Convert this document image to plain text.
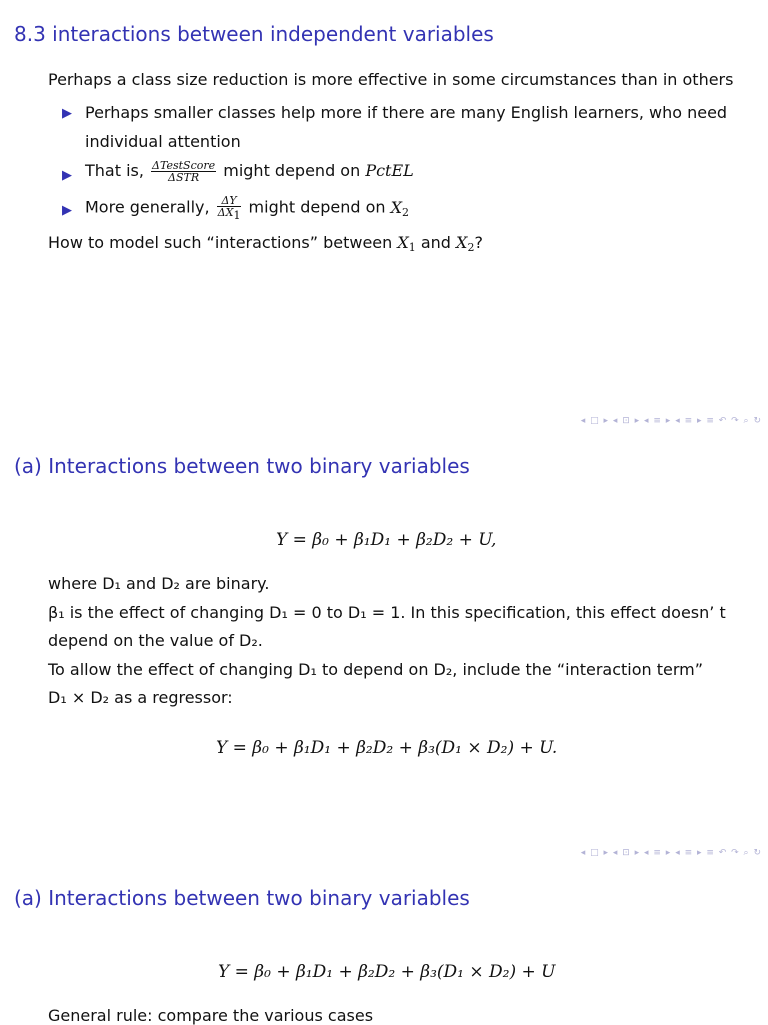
8.3 interactions between independent variables
Perhaps a class size reduction is more effective in some circumstances than in others
▶ Perhaps smaller classes help more if there are many English learners, who need
individual attention
▶ That is, $\frac{\text{ΔTestScore}}{\text{ΔSTR}}$ might depend on PctEL
▶ More generally, $\frac{\Delta Y}{\Delta X_1}$ might depend on $X_2$
How to model such “interactions” between $X_1$ and $X_2$?
◂ □ ▸ ◂ ⊡ ▸ ◂ ≡ ▸ ◂ ≡ ▸ ≡ ↶ ↷ ⌕ ↻
(a) Interactions between two binary variables
Y = β₀ + β₁D₁ + β₂D₂ + U,
where D₁ and D₂ are binary.
β₁ is the effect of changing D₁ = 0 to D₁ = 1. In this specification, this effect doesn’ t
depend on the value of D₂.
To allow the effect of changing D₁ to depend on D₂, include the “interaction term”
D₁ × D₂ as a regressor:
Y = β₀ + β₁D₁ + β₂D₂ + β₃(D₁ × D₂) + U.
◂ □ ▸ ◂ ⊡ ▸ ◂ ≡ ▸ ◂ ≡ ▸ ≡ ↶ ↷ ⌕ ↻
(a) Interactions between two binary variables
Y = β₀ + β₁D₁ + β₂D₂ + β₃(D₁ × D₂) + U
General rule: compare the various cases
